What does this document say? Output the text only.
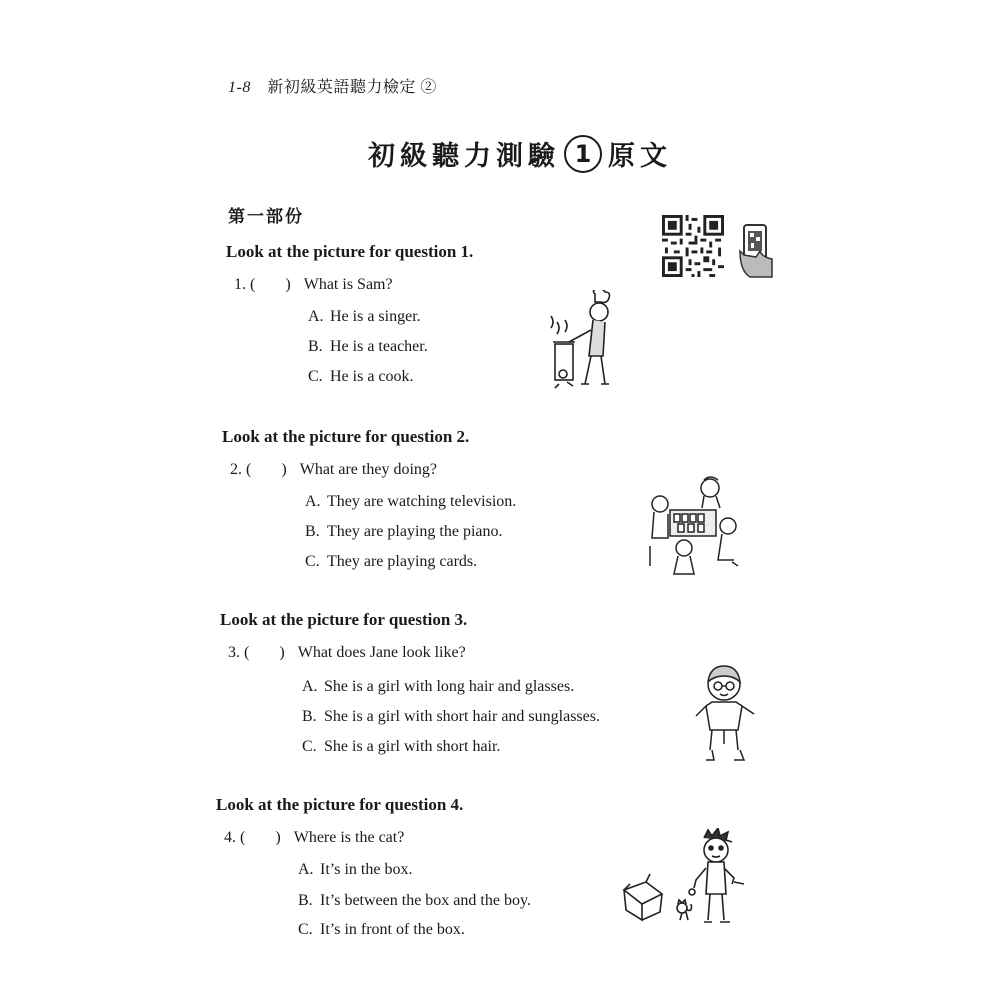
1-8 新初級英語聽力檢定 ②
初級聽力測驗 1 原文
第一部份
Look at the picture for question 1.
1. ( ) What is Sam?
A. He is a singer.
B. He is a teacher.
C. He is a cook.
Look at the picture for question 2.
2. ( ) What are they doing?
A. They are watching television.
B. They are playing the piano.
C. They are playing cards.
Look at the picture for question 3.
3. ( ) What does Jane look like?
A. She is a girl with long hair and glasses.
B. She is a girl with short hair and sunglasses.
C. She is a girl with short hair.
Look at the picture for question 4.
4. ( ) Where is the cat?
A. It’s in the box.
B. It’s between the box and the boy.
C. It’s in front of the box.
